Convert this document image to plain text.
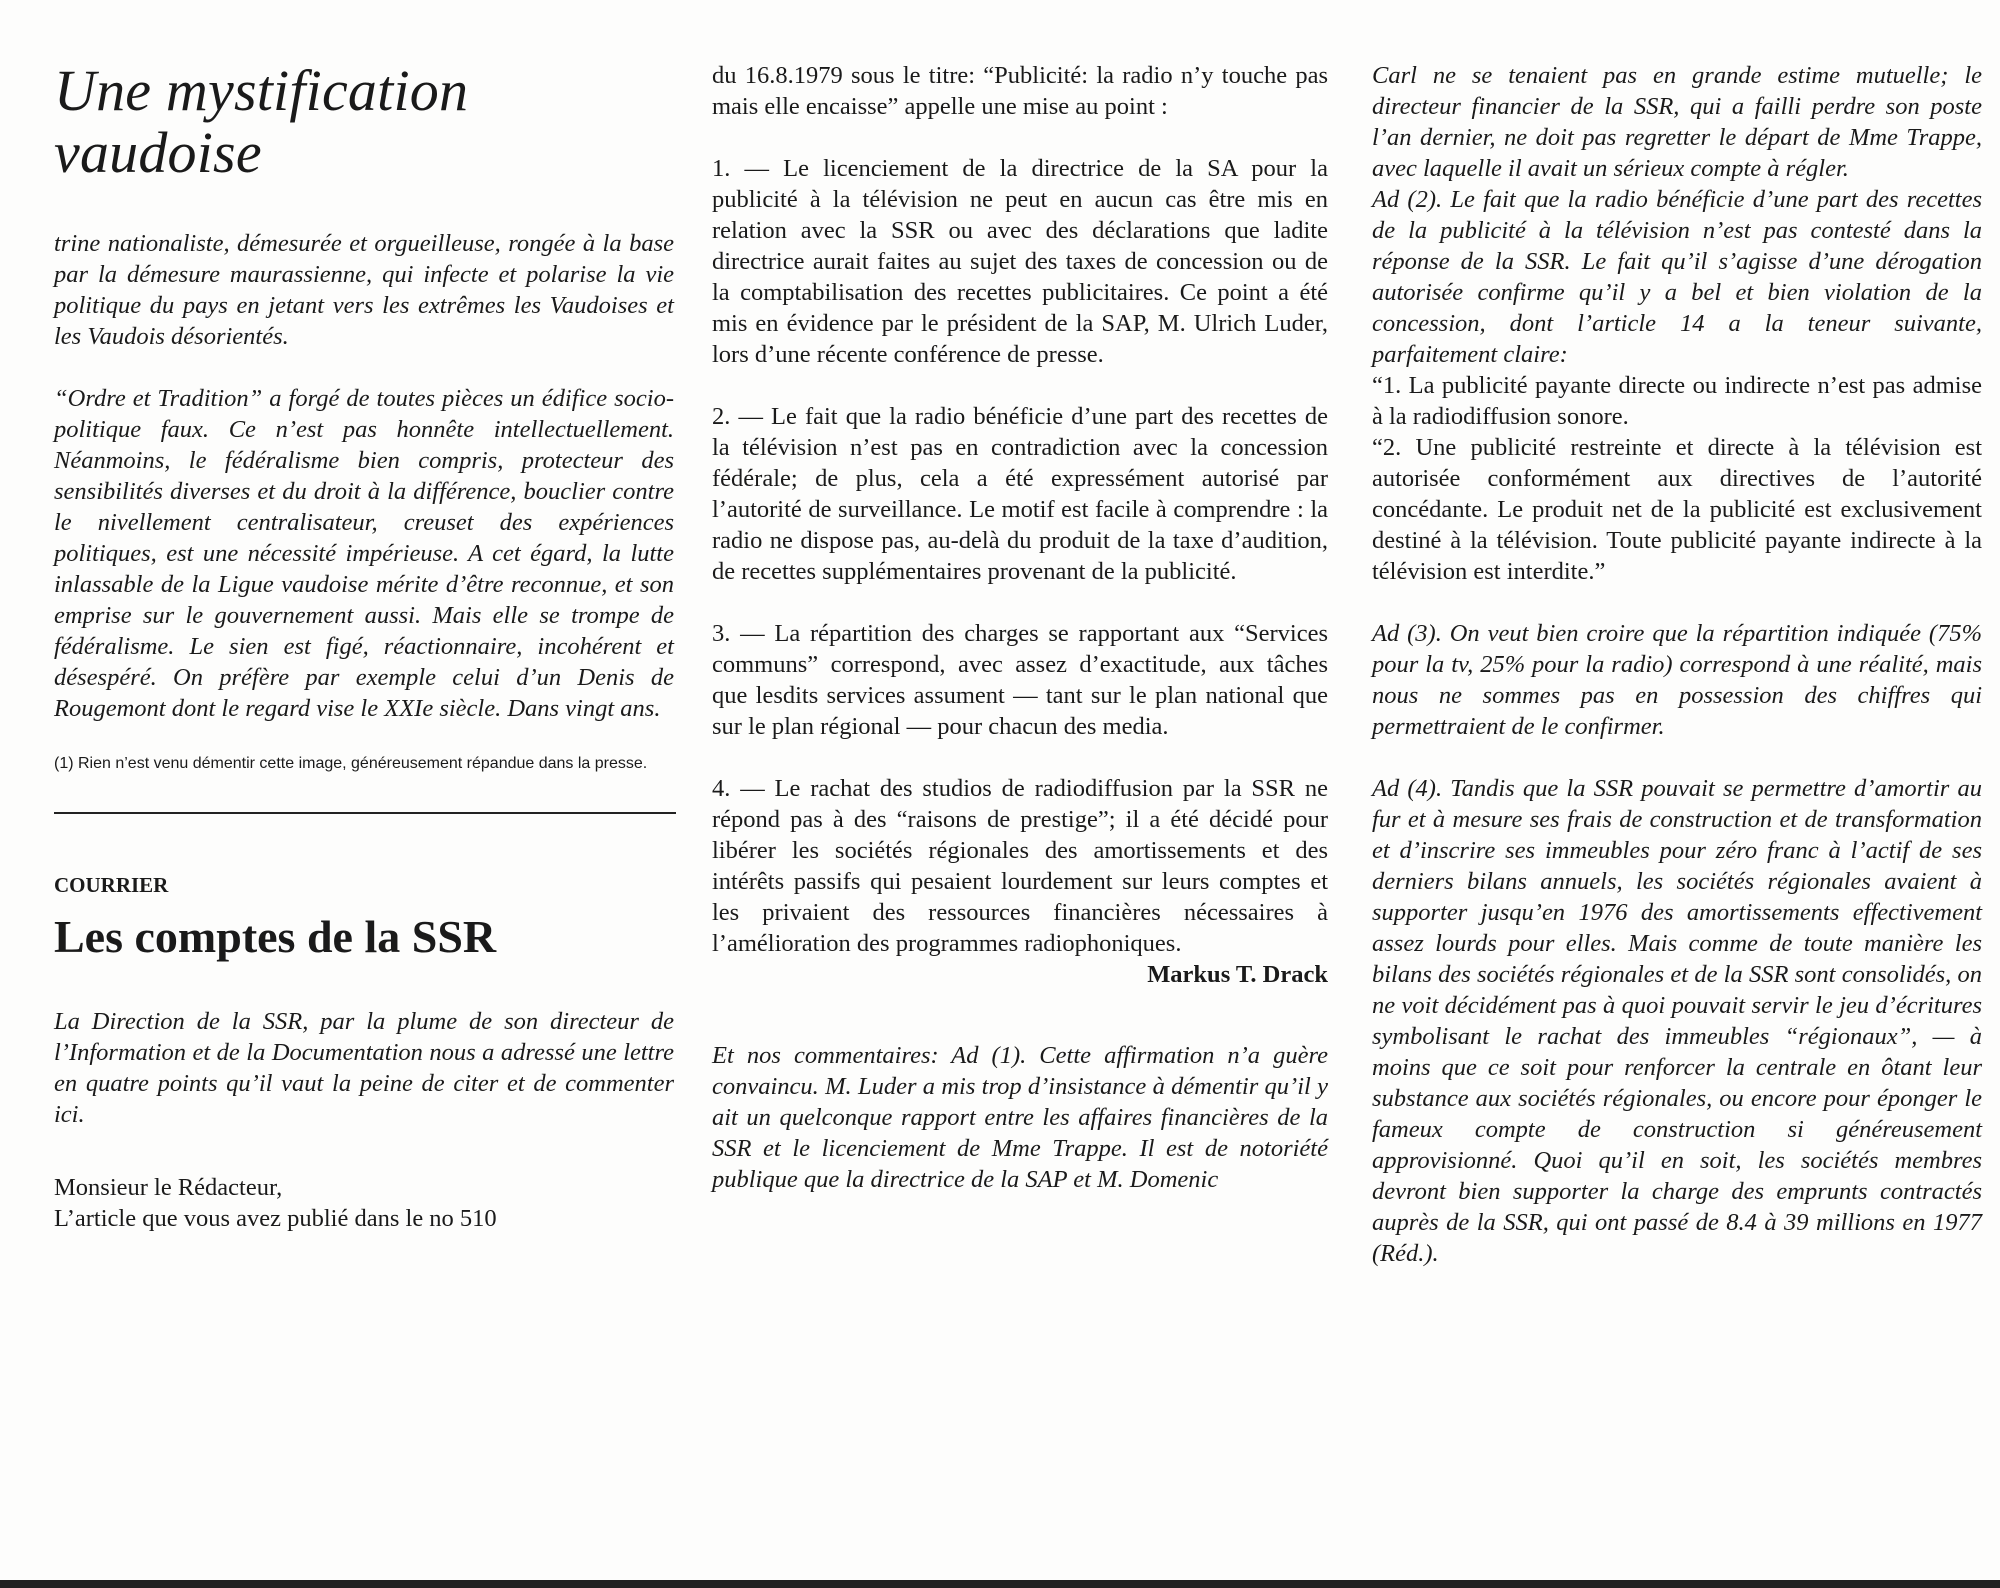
Une mystification vaudoise

trine nationaliste, démesurée et orgueilleuse, rongée à la base par la démesure maurassienne, qui infecte et polarise la vie politique du pays en jetant vers les extrêmes les Vaudoises et les Vaudois désorientés.

“Ordre et Tradition” a forgé de toutes pièces un édifice socio-politique faux. Ce n’est pas honnête intellectuellement. Néanmoins, le fédéralisme bien compris, protecteur des sensibilités diverses et du droit à la différence, bouclier contre le nivellement centralisateur, creuset des expériences politiques, est une nécessité impérieuse. A cet égard, la lutte inlassable de la Ligue vaudoise mérite d’être reconnue, et son emprise sur le gouvernement aussi. Mais elle se trompe de fédéralisme. Le sien est figé, réactionnaire, incohérent et désespéré. On préfère par exemple celui d’un Denis de Rougemont dont le regard vise le XXIe siècle. Dans vingt ans.

(1) Rien n’est venu démentir cette image, généreusement répandue dans la presse.

COURRIER

Les comptes de la SSR

La Direction de la SSR, par la plume de son directeur de l’Information et de la Documentation nous a adressé une lettre en quatre points qu’il vaut la peine de citer et de commenter ici.

Monsieur le Rédacteur,

L’article que vous avez publié dans le no 510

du 16.8.1979 sous le titre: “Publicité: la radio n’y touche pas mais elle encaisse” appelle une mise au point :

1. — Le licenciement de la directrice de la SA pour la publicité à la télévision ne peut en aucun cas être mis en relation avec la SSR ou avec des déclarations que ladite directrice aurait faites au sujet des taxes de concession ou de la comptabilisation des recettes publicitaires. Ce point a été mis en évidence par le président de la SAP, M. Ulrich Luder, lors d’une récente conférence de presse.

2. — Le fait que la radio bénéficie d’une part des recettes de la télévision n’est pas en contradiction avec la concession fédérale; de plus, cela a été expressément autorisé par l’autorité de surveillance. Le motif est facile à comprendre : la radio ne dispose pas, au-delà du produit de la taxe d’audition, de recettes supplémentaires provenant de la publicité.

3. — La répartition des charges se rapportant aux “Services communs” correspond, avec assez d’exactitude, aux tâches que lesdits services assument — tant sur le plan national que sur le plan régional — pour chacun des media.

4. — Le rachat des studios de radiodiffusion par la SSR ne répond pas à des “raisons de prestige”; il a été décidé pour libérer les sociétés régionales des amortissements et des intérêts passifs qui pesaient lourdement sur leurs comptes et les privaient des ressources financières nécessaires à l’amélioration des programmes radiophoniques.

Markus T. Drack

Et nos commentaires: Ad (1). Cette affirmation n’a guère convaincu. M. Luder a mis trop d’insistance à démentir qu’il y ait un quelconque rapport entre les affaires financières de la SSR et le licenciement de Mme Trappe. Il est de notoriété publique que la directrice de la SAP et M. Domenic

Carl ne se tenaient pas en grande estime mutuelle; le directeur financier de la SSR, qui a failli perdre son poste l’an dernier, ne doit pas regretter le départ de Mme Trappe, avec laquelle il avait un sérieux compte à régler.

Ad (2). Le fait que la radio bénéficie d’une part des recettes de la publicité à la télévision n’est pas contesté dans la réponse de la SSR. Le fait qu’il s’agisse d’une dérogation autorisée confirme qu’il y a bel et bien violation de la concession, dont l’article 14 a la teneur suivante, parfaitement claire:

“1. La publicité payante directe ou indirecte n’est pas admise à la radiodiffusion sonore.

“2. Une publicité restreinte et directe à la télévision est autorisée conformément aux directives de l’autorité concédante. Le produit net de la publicité est exclusivement destiné à la télévision. Toute publicité payante indirecte à la télévision est interdite.”

Ad (3). On veut bien croire que la répartition indiquée (75% pour la tv, 25% pour la radio) correspond à une réalité, mais nous ne sommes pas en possession des chiffres qui permettraient de le confirmer.

Ad (4). Tandis que la SSR pouvait se permettre d’amortir au fur et à mesure ses frais de construction et de transformation et d’inscrire ses immeubles pour zéro franc à l’actif de ses derniers bilans annuels, les sociétés régionales avaient à supporter jusqu’en 1976 des amortissements effectivement assez lourds pour elles. Mais comme de toute manière les bilans des sociétés régionales et de la SSR sont consolidés, on ne voit décidément pas à quoi pouvait servir le jeu d’écritures symbolisant le rachat des immeubles “régionaux”, — à moins que ce soit pour renforcer la centrale en ôtant leur substance aux sociétés régionales, ou encore pour éponger le fameux compte de construction si généreusement approvisionné. Quoi qu’il en soit, les sociétés membres devront bien supporter la charge des emprunts contractés auprès de la SSR, qui ont passé de 8.4 à 39 millions en 1977 (Réd.).
